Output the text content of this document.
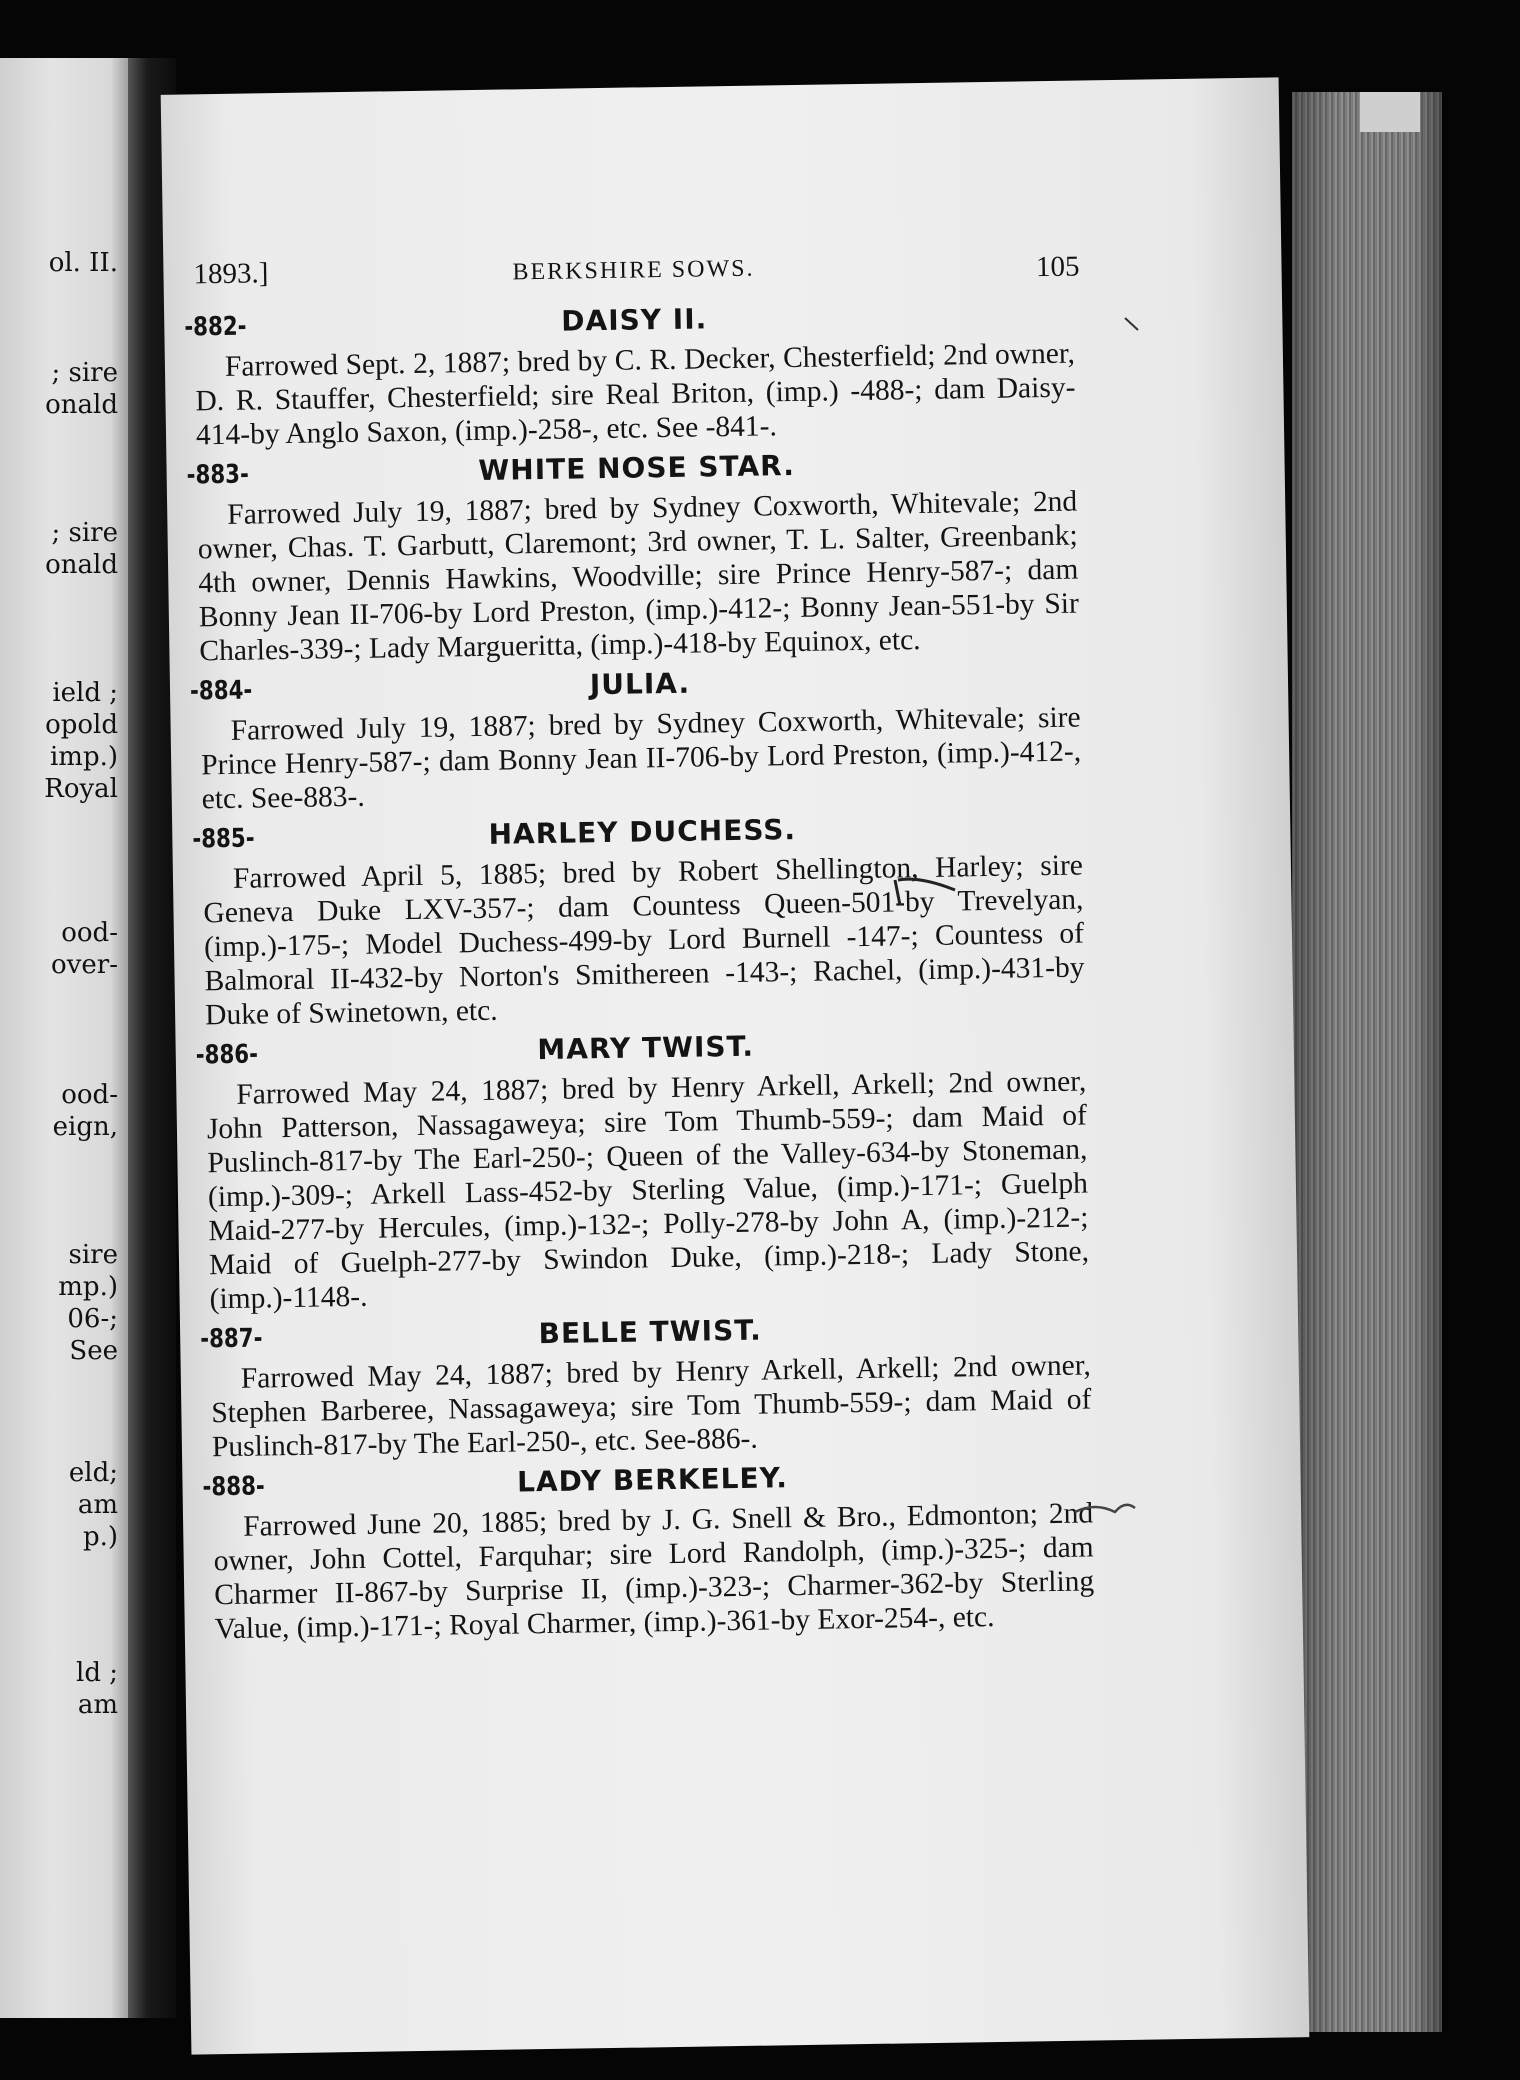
ol. II.
; sire
onald
; sire
onald
ield ;
opold
imp.)
Royal
ood-
over-
ood-
eign,
sire
mp.)
06-;
See
eld;
am
p.)
ld ;
am
1893.]	BERKSHIRE SOWS.	105
-882-	DAISY II.

Farrowed Sept. 2, 1887; bred by C. R. Decker, Chesterfield; 2nd owner, D. R. Stauffer, Chesterfield; sire Real Briton, (imp.) -488-; dam Daisy-414-by Anglo Saxon, (imp.)-258-, etc. See -841-.

-883-	WHITE NOSE STAR.

Farrowed July 19, 1887; bred by Sydney Coxworth, Whitevale; 2nd owner, Chas. T. Garbutt, Claremont; 3rd owner, T. L. Salter, Greenbank; 4th owner, Dennis Hawkins, Woodville; sire Prince Henry-587-; dam Bonny Jean II-706-by Lord Preston, (imp.)-412-; Bonny Jean-551-by Sir Charles-339-; Lady Margueritta, (imp.)-418-by Equinox, etc.

-884-	JULIA.

Farrowed July 19, 1887; bred by Sydney Coxworth, Whitevale; sire Prince Henry-587-; dam Bonny Jean II-706-by Lord Preston, (imp.)-412-, etc. See-883-.

-885-	HARLEY DUCHESS.

Farrowed April 5, 1885; bred by Robert Shellington, Harley; sire Geneva Duke LXV-357-; dam Countess Queen-501-by Trevelyan, (imp.)-175-; Model Duchess-499-by Lord Burnell -147-; Countess of Balmoral II-432-by Norton's Smithereen -143-; Rachel, (imp.)-431-by Duke of Swinetown, etc.

-886-	MARY TWIST.

Farrowed May 24, 1887; bred by Henry Arkell, Arkell; 2nd owner, John Patterson, Nassagaweya; sire Tom Thumb-559-; dam Maid of Puslinch-817-by The Earl-250-; Queen of the Valley-634-by Stoneman, (imp.)-309-; Arkell Lass-452-by Sterling Value, (imp.)-171-; Guelph Maid-277-by Hercules, (imp.)-132-; Polly-278-by John A, (imp.)-212-; Maid of Guelph-277-by Swindon Duke, (imp.)-218-; Lady Stone, (imp.)-1148-.

-887-	BELLE TWIST.

Farrowed May 24, 1887; bred by Henry Arkell, Arkell; 2nd owner, Stephen Barberee, Nassagaweya; sire Tom Thumb-559-; dam Maid of Puslinch-817-by The Earl-250-, etc. See-886-.

-888-	LADY BERKELEY.

Farrowed June 20, 1885; bred by J. G. Snell & Bro., Edmonton; 2nd owner, John Cottel, Farquhar; sire Lord Randolph, (imp.)-325-; dam Charmer II-867-by Surprise II, (imp.)-323-; Charmer-362-by Sterling Value, (imp.)-171-; Royal Charmer, (imp.)-361-by Exor-254-, etc.
